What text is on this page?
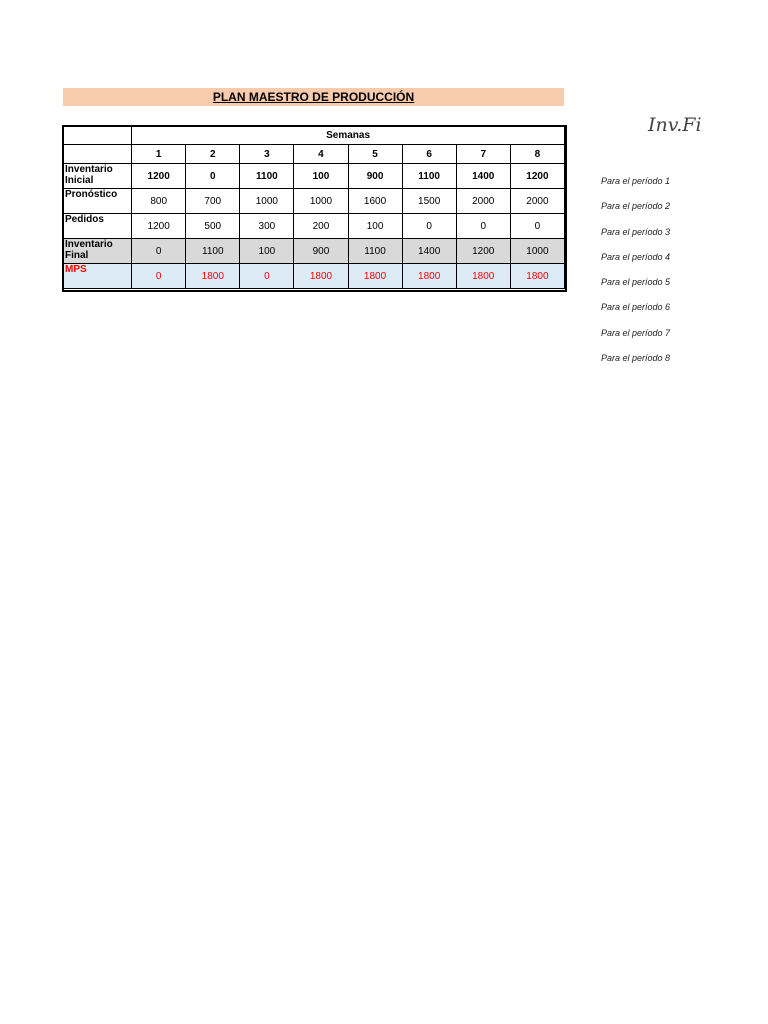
PLAN MAESTRO DE PRODUCCIÓN
Inv.Fi
	Semanas							
	1	2	3	4	5	6	7	8
Inventario Inicial	1200	0	1100	100	900	1100	1400	1200
Pronóstico	800	700	1000	1000	1600	1500	2000	2000
Pedidos	1200	500	300	200	100	0	0	0
Inventario Final	0	1100	100	900	1100	1400	1200	1000
MPS	0	1800	0	1800	1800	1800	1800	1800
Para el período 1
Para el período 2
Para el período 3
Para el período 4
Para el período 5
Para el período 6
Para el período 7
Para el período 8
